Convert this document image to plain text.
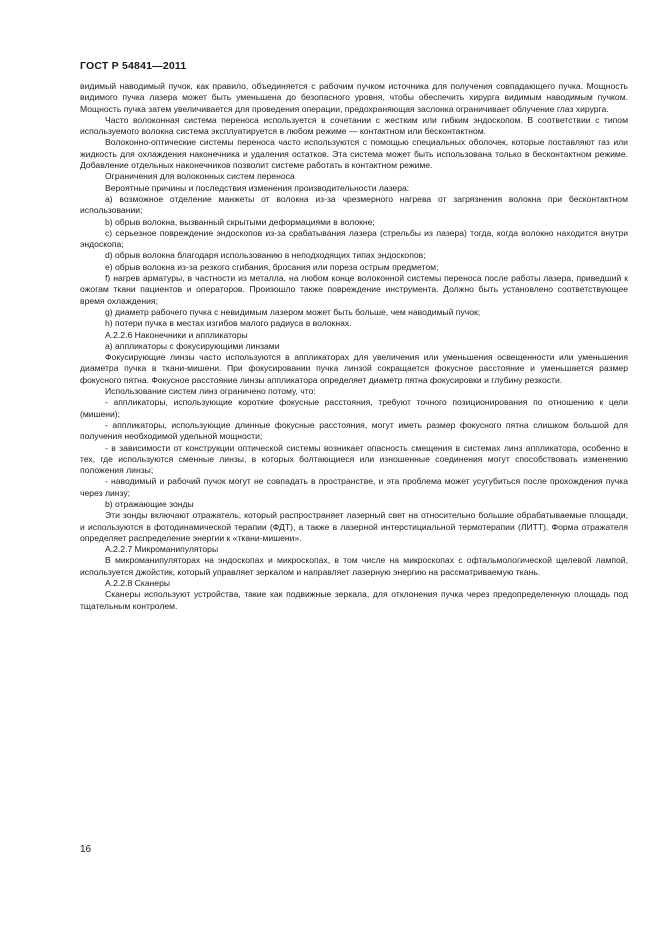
ГОСТ Р 54841—2011

видимый наводимый пучок, как правило, объединяется с рабочим пучком источника для получения совпадающего пучка. Мощность видимого пучка лазера может быть уменьшена до безопасного уровня, чтобы обеспечить хирурга видимым наводимым пучком. Мощность пучка затем увеличивается для проведения операции, предохраняющая заслонка ограничивает облучение глаз хирурга.

Часто волоконная система переноса используется в сочетании с жестким или гибким эндоскопом. В соответствии с типом используемого волокна система эксплуатируется в любом режиме — контактном или бесконтактном.

Волоконно-оптические системы переноса часто используются с помощью специальных оболочек, которые поставляют газ или жидкость для охлаждения наконечника и удаления остатков. Эта система может быть использована только в бесконтактном режиме. Добавление отдельных наконечников позволит системе работать в контактном режиме.

Ограничения для волоконных систем переноса

Вероятные причины и последствия изменения производительности лазера:

a) возможное отделение манжеты от волокна из-за чрезмерного нагрева от загрязнения волокна при бесконтактном использовании;

b) обрыв волокна, вызванный скрытыми деформациями в волокне;

c) серьезное повреждение эндоскопов из-за срабатывания лазера (стрельбы из лазера) тогда, когда волокно находится внутри эндоскопа;

d) обрыв волокна благодаря использованию в неподходящих типах эндоскопов;

e) обрыв волокна из-за резкого сгибания, бросания или пореза острым предметом;

f) нагрев арматуры, в частности из металла, на любом конце волоконной системы переноса после работы лазера, приведший к ожогам ткани пациентов и операторов. Произошло также повреждение инструмента. Должно быть установлено соответствующее время охлаждения;

g) диаметр рабочего пучка с невидимым лазером может быть больше, чем наводимый пучок;

h) потери пучка в местах изгибов малого радиуса в волокнах.

А.2.2.6 Наконечники и аппликаторы

a) аппликаторы с фокусирующими линзами

Фокусирующие линзы часто используются в аппликаторах для увеличения или уменьшения освещенности или уменьшения диаметра пучка в ткани-мишени. При фокусировании пучка линзой сокращается фокусное расстояние и уменьшается размер фокусного пятна. Фокусное расстояние линзы аппликатора определяет диаметр пятна фокусировки и глубину резкости.

Использование систем линз ограничено потому, что:

- аппликаторы, использующие короткие фокусные расстояния, требуют точного позиционирования по отношению к цели (мишени);

- аппликаторы, использующие длинные фокусные расстояния, могут иметь размер фокусного пятна слишком большой для получения необходимой удельной мощности;

- в зависимости от конструкции оптической системы возникает опасность смещения в системах линз аппликатора, особенно в тех, где используются сменные линзы, в которых болтающиеся или изношенные соединения могут способствовать изменению положения линзы;

- наводимый и рабочий пучок могут не совпадать в пространстве, и эта проблема может усугубиться после прохождения пучка через линзу;

b) отражающие зонды

Эти зонды включают отражатель, который распространяет лазерный свет на относительно большие обрабатываемые площади, и используются в фотодинамической терапии (ФДТ), а также в лазерной интерстициальной термотерапии (ЛИТТ). Форма отражателя определяет распределение энергии к «ткани-мишени».

А.2.2.7 Микроманипуляторы

В микроманипуляторах на эндоскопах и микроскопах, в том числе на микроскопах с офтальмологической щелевой лампой, используется джойстик, который управляет зеркалом и направляет лазерную энергию на рассматриваемую ткань.

А.2.2.8 Сканеры

Сканеры используют устройства, такие как подвижные зеркала, для отклонения пучка через предопределенную площадь под тщательным контролем.

16
